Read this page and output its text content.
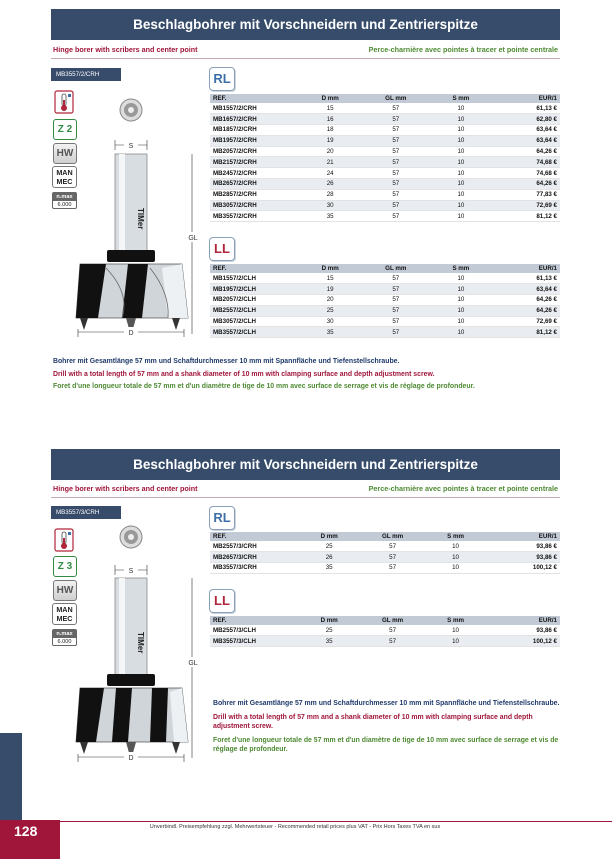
Beschlagbohrer mit Vorschneidern und Zentrierspitze
Hinge borer with scribers and center point	Perce-charnière avec pointes à tracer et pointe centrale
MB3557/2/CRH
Z 2
HW
MAN
MEC
n.max
6.000
S
TIMer
GL
D
RL
REF.	D mm	GL mm	S mm	EUR/1
MB1557/2/CRH	15	57	10	61,13 €
MB1657/2/CRH	16	57	10	62,80 €
MB1857/2/CRH	18	57	10	63,64 €
MB1957/2/CRH	19	57	10	63,64 €
MB2057/2/CRH	20	57	10	64,26 €
MB2157/2/CRH	21	57	10	74,68 €
MB2457/2/CRH	24	57	10	74,68 €
MB2657/2/CRH	26	57	10	64,26 €
MB2857/2/CRH	28	57	10	77,83 €
MB3057/2/CRH	30	57	10	72,69 €
MB3557/2/CRH	35	57	10	81,12 €
LL
REF.	D mm	GL mm	S mm	EUR/1
MB1557/2/CLH	15	57	10	61,13 €
MB1957/2/CLH	19	57	10	63,64 €
MB2057/2/CLH	20	57	10	64,26 €
MB2557/2/CLH	25	57	10	64,26 €
MB3057/2/CLH	30	57	10	72,69 €
MB3557/2/CLH	35	57	10	81,12 €
Bohrer mit Gesamtlänge 57 mm und Schaftdurchmesser 10 mm mit Spannfläche und Tiefenstellschraube.
Drill with a total length of 57 mm and a shank diameter of 10 mm with clamping surface and depth adjustment screw.
Foret d'une longueur totale de 57 mm et d'un diamètre de tige de 10 mm avec surface de serrage et vis de réglage de profondeur.
Beschlagbohrer mit Vorschneidern und Zentrierspitze
Hinge borer with scribers and center point	Perce-charnière avec pointes à tracer et pointe centrale
MB3557/3/CRH
Z 3
HW
MAN
MEC
n.max
6.000
S
TIMer
GL
D
RL
REF.	D mm	GL mm	S mm	EUR/1
MB2557/3/CRH	25	57	10	93,86 €
MB2657/3/CRH	26	57	10	93,86 €
MB3557/3/CRH	35	57	10	100,12 €
LL
REF.	D mm	GL mm	S mm	EUR/1
MB2557/3/CLH	25	57	10	93,86 €
MB3557/3/CLH	35	57	10	100,12 €
Bohrer mit Gesamtlänge 57 mm und Schaftdurchmesser 10 mm mit Spannfläche und Tiefenstellschraube.
Drill with a total length of 57 mm and a shank diameter of 10 mm with clamping surface and depth adjustment screw.
Foret d'une longueur totale de 57 mm et d'un diamètre de tige de 10 mm avec surface de serrage et vis de réglage de profondeur.
128	Unverbindl. Preisempfehlung zzgl. Mehrwertsteuer - Recommended retail prices plus VAT - Prix Hors Taxes TVA en sus
